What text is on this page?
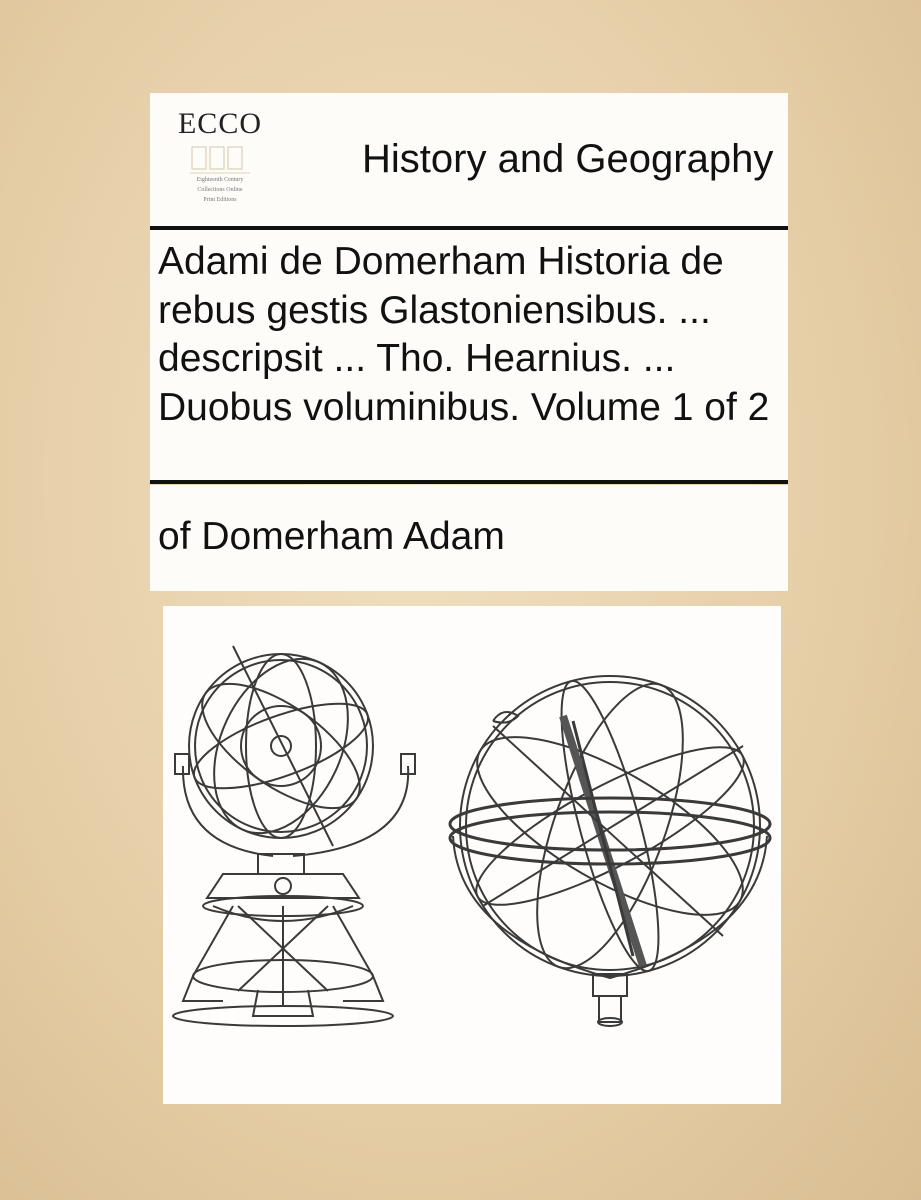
ECCO
Eighteenth Century
Collections Online
Print Editions
History and Geography
Adami de Domerham Historia de rebus gestis Glastoniensibus. ... descripsit ... Tho. Hearnius. ... Duobus voluminibus. Volume 1 of 2
of Domerham Adam
